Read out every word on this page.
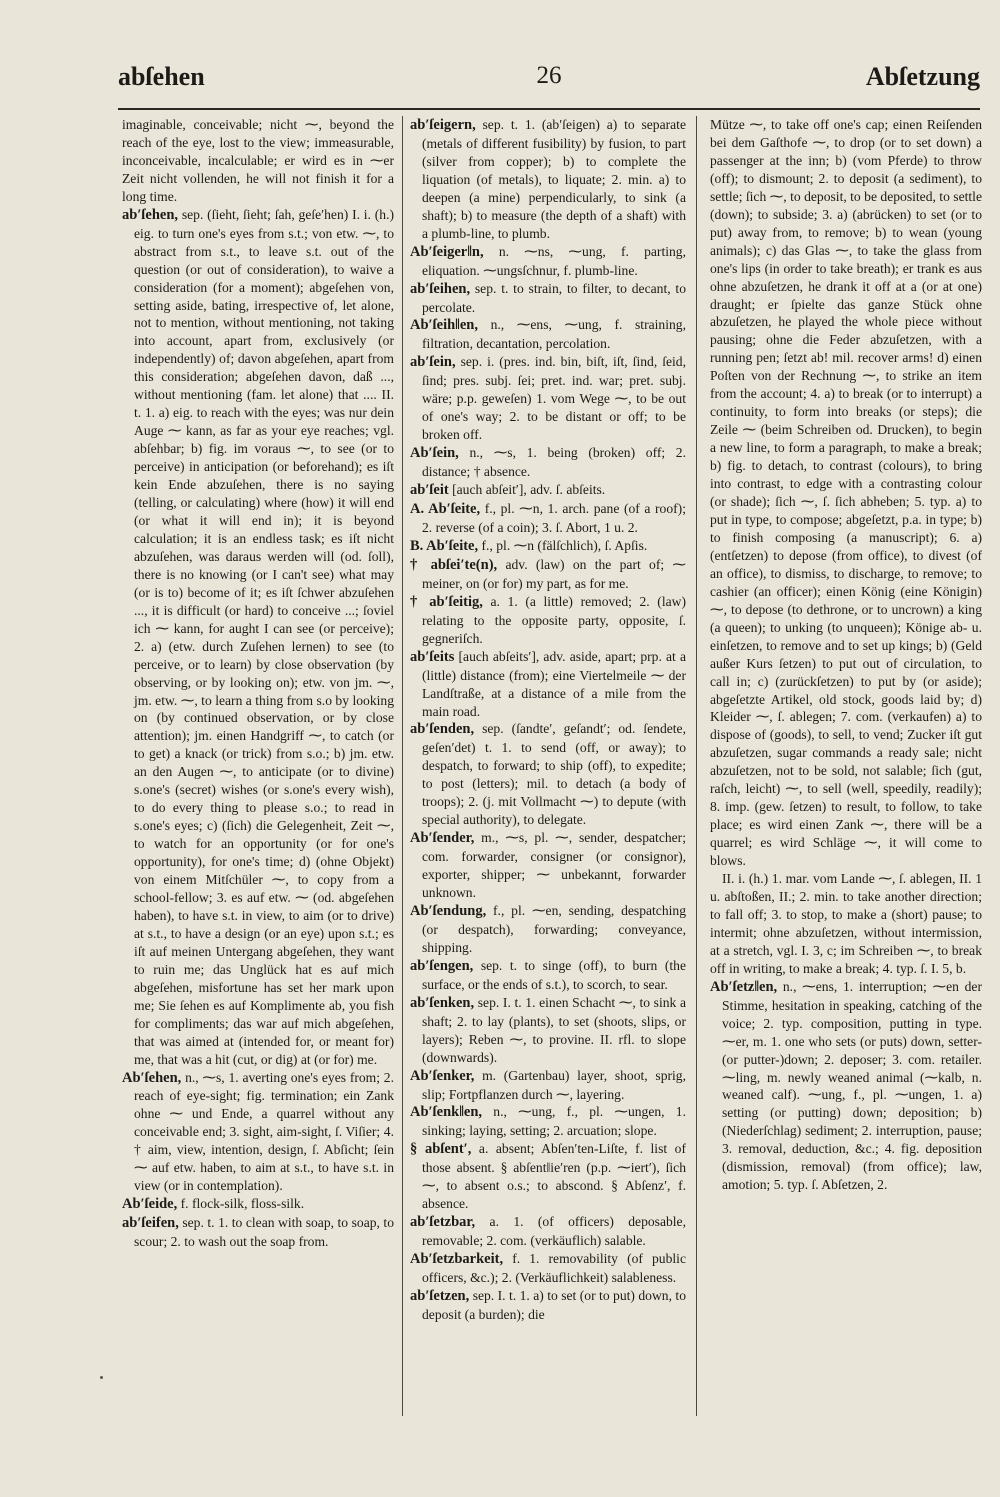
abſehen	26	Abſetzung
imaginable, conceivable; nicht ⁓, beyond the reach of the eye, lost to the view; immeasurable, inconceivable, incalculable; er wird es in ⁓er Zeit nicht vollenden, he will not finish it for a long time.
ab′ſehen, sep. (ſieht, ſieht; ſah, geſe′hen) I. i. (h.) eig. to turn one's eyes from s.t.; von etw. ⁓, to abstract from s.t., to leave s.t. out of the question (or out of consideration), to waive a consideration (for a moment); abgeſehen von, setting aside, bating, irrespective of, let alone, not to mention, without mentioning, not taking into account, apart from, exclusively (or independently) of; davon abgeſehen, apart from this consideration; abgeſehen davon, daß ..., without mentioning (fam. let alone) that .... II. t. 1. a) eig. to reach with the eyes; was nur dein Auge ⁓ kann, as far as your eye reaches; vgl. abſehbar; b) fig. im voraus ⁓, to see (or to perceive) in anticipation (or beforehand); es iſt kein Ende abzuſehen, there is no saying (telling, or calculating) where (how) it will end (or what it will end in); it is beyond calculation; it is an endless task; es iſt nicht abzuſehen, was daraus werden will (od. ſoll), there is no knowing (or I can't see) what may (or is to) become of it; es iſt ſchwer abzuſehen ..., it is difficult (or hard) to conceive ...; ſoviel ich ⁓ kann, for aught I can see (or perceive); 2. a) (etw. durch Zuſehen lernen) to see (to perceive, or to learn) by close observation (by observing, or by looking on); etw. von jm. ⁓, jm. etw. ⁓, to learn a thing from s.o by looking on (by continued observation, or by close attention); jm. einen Handgriff ⁓, to catch (or to get) a knack (or trick) from s.o.; b) jm. etw. an den Augen ⁓, to anticipate (or to divine) s.one's (secret) wishes (or s.one's every wish), to do every thing to please s.o.; to read in s.one's eyes; c) (ſich) die Gelegenheit, Zeit ⁓, to watch for an opportunity (or for one's opportunity), for one's time; d) (ohne Objekt) von einem Mitſchüler ⁓, to copy from a school-fellow; 3. es auf etw. ⁓ (od. abgeſehen haben), to have s.t. in view, to aim (or to drive) at s.t., to have a design (or an eye) upon s.t.; es iſt auf meinen Untergang abgeſehen, they want to ruin me; das Unglück hat es auf mich abgeſehen, misfortune has set her mark upon me; Sie ſehen es auf Komplimente ab, you fish for compliments; das war auf mich abgeſehen, that was aimed at (intended for, or meant for) me, that was a hit (cut, or dig) at (or for) me.
Ab′ſehen, n., ⁓s, 1. averting one's eyes from; 2. reach of eye-sight; fig. termination; ein Zank ohne ⁓ und Ende, a quarrel without any conceivable end; 3. sight, aim-sight, ſ. Viſier; 4. † aim, view, intention, design, ſ. Abſicht; ſein ⁓ auf etw. haben, to aim at s.t., to have s.t. in view (or in contemplation).
Ab′ſeide, f. flock-silk, floss-silk.
ab′ſeifen, sep. t. 1. to clean with soap, to soap, to scour; 2. to wash out the soap from.
ab′ſeigern, sep. t. 1. (ab′ſeigen) a) to separate (metals of different fusibility) by fusion, to part (silver from copper); b) to complete the liquation (of metals), to liquate; 2. min. a) to deepen (a mine) perpendicularly, to sink (a shaft); b) to measure (the depth of a shaft) with a plumb-line, to plumb.
Ab′ſeiger‖n, n. ⁓ns, ⁓ung, f. parting, eliquation. ⁓ungsſchnur, f. plumb-line.
ab′ſeihen, sep. t. to strain, to filter, to decant, to percolate.
Ab′ſeih‖en, n., ⁓ens, ⁓ung, f. straining, filtration, decantation, percolation.
ab′ſein, sep. i. (pres. ind. bin, biſt, iſt, ſind, ſeid, ſind; pres. subj. ſei; pret. ind. war; pret. subj. wäre; p.p. geweſen) 1. vom Wege ⁓, to be out of one's way; 2. to be distant or off; to be broken off.
Ab′ſein, n., ⁓s, 1. being (broken) off; 2. distance; † absence.
ab′ſeit [auch abſeit′], adv. ſ. abſeits.
A. Ab′ſeite, f., pl. ⁓n, 1. arch. pane (of a roof); 2. reverse (of a coin); 3. ſ. Abort, 1 u. 2.
B. Ab′ſeite, f., pl. ⁓n (fälſchlich), ſ. Apſis.
† abſei′te(n), adv. (law) on the part of; ⁓ meiner, on (or for) my part, as for me.
† ab′ſeitig, a. 1. (a little) removed; 2. (law) relating to the opposite party, opposite, ſ. gegneriſch.
ab′ſeits [auch abſeits′], adv. aside, apart; prp. at a (little) distance (from); eine Viertelmeile ⁓ der Landſtraße, at a distance of a mile from the main road.
ab′ſenden, sep. (ſandte′, geſandt′; od. ſendete, geſen′det) t. 1. to send (off, or away); to despatch, to forward; to ship (off), to expedite; to post (letters); mil. to detach (a body of troops); 2. (j. mit Vollmacht ⁓) to depute (with special authority), to delegate.
Ab′ſender, m., ⁓s, pl. ⁓, sender, despatcher; com. forwarder, consigner (or consignor), exporter, shipper; ⁓ unbekannt, forwarder unknown.
Ab′ſendung, f., pl. ⁓en, sending, despatching (or despatch), forwarding; conveyance, shipping.
ab′ſengen, sep. t. to singe (off), to burn (the surface, or the ends of s.t.), to scorch, to sear.
ab′ſenken, sep. I. t. 1. einen Schacht ⁓, to sink a shaft; 2. to lay (plants), to set (shoots, slips, or layers); Reben ⁓, to provine. II. rfl. to slope (downwards).
Ab′ſenker, m. (Gartenbau) layer, shoot, sprig, slip; Fortpflanzen durch ⁓, layering.
Ab′ſenk‖en, n., ⁓ung, f., pl. ⁓ungen, 1. sinking; laying, setting; 2. arcuation; slope.
§ abſent′, a. absent; Abſen′ten-Liſte, f. list of those absent. § abſent‖ie′ren (p.p. ⁓iert′), ſich ⁓, to absent o.s.; to abscond. § Abſenz′, f. absence.
ab′ſetzbar, a. 1. (of officers) deposable, removable; 2. com. (verkäuflich) salable.
Ab′ſetzbarkeit, f. 1. removability (of public officers, &c.); 2. (Verkäuflichkeit) salableness.
ab′ſetzen, sep. I. t. 1. a) to set (or to put) down, to deposit (a burden); die
Mütze ⁓, to take off one's cap; einen Reiſenden bei dem Gaſthofe ⁓, to drop (or to set down) a passenger at the inn; b) (vom Pferde) to throw (off); to dismount; 2. to deposit (a sediment), to settle; ſich ⁓, to deposit, to be deposited, to settle (down); to subside; 3. a) (abrücken) to set (or to put) away from, to remove; b) to wean (young animals); c) das Glas ⁓, to take the glass from one's lips (in order to take breath); er trank es aus ohne abzuſetzen, he drank it off at a (or at one) draught; er ſpielte das ganze Stück ohne abzuſetzen, he played the whole piece without pausing; ohne die Feder abzuſetzen, with a running pen; ſetzt ab! mil. recover arms! d) einen Poſten von der Rechnung ⁓, to strike an item from the account; 4. a) to break (or to interrupt) a continuity, to form into breaks (or steps); die Zeile ⁓ (beim Schreiben od. Drucken), to begin a new line, to form a paragraph, to make a break; b) fig. to detach, to contrast (colours), to bring into contrast, to edge with a contrasting colour (or shade); ſich ⁓, ſ. ſich abheben; 5. typ. a) to put in type, to compose; abgeſetzt, p.a. in type; b) to finish composing (a manuscript); 6. a) (entſetzen) to depose (from office), to divest (of an office), to dismiss, to discharge, to remove; to cashier (an officer); einen König (eine Königin) ⁓, to depose (to dethrone, or to uncrown) a king (a queen); to unking (to unqueen); Könige ab- u. einſetzen, to remove and to set up kings; b) (Geld außer Kurs ſetzen) to put out of circulation, to call in; c) (zurückſetzen) to put by (or aside); abgeſetzte Artikel, old stock, goods laid by; d) Kleider ⁓, ſ. ablegen; 7. com. (verkaufen) a) to dispose of (goods), to sell, to vend; Zucker iſt gut abzuſetzen, sugar commands a ready sale; nicht abzuſetzen, not to be sold, not salable; ſich (gut, raſch, leicht) ⁓, to sell (well, speedily, readily); 8. imp. (gew. ſetzen) to result, to follow, to take place; es wird einen Zank ⁓, there will be a quarrel; es wird Schläge ⁓, it will come to blows.
II. i. (h.) 1. mar. vom Lande ⁓, ſ. ablegen, II. 1 u. abſtoßen, II.; 2. min. to take another direction; to fall off; 3. to stop, to make a (short) pause; to intermit; ohne abzuſetzen, without intermission, at a stretch, vgl. I. 3, c; im Schreiben ⁓, to break off in writing, to make a break; 4. typ. ſ. I. 5, b.
Ab′ſetz‖en, n., ⁓ens, 1. interruption; ⁓en der Stimme, hesitation in speaking, catching of the voice; 2. typ. composition, putting in type. ⁓er, m. 1. one who sets (or puts) down, setter-(or putter-)down; 2. deposer; 3. com. retailer. ⁓ling, m. newly weaned animal (⁓kalb, n. weaned calf). ⁓ung, f., pl. ⁓ungen, 1. a) setting (or putting) down; deposition; b) (Niederſchlag) sediment; 2. interruption, pause; 3. removal, deduction, &c.; 4. fig. deposition (dismission, removal) (from office); law, amotion; 5. typ. ſ. Abſetzen, 2.
